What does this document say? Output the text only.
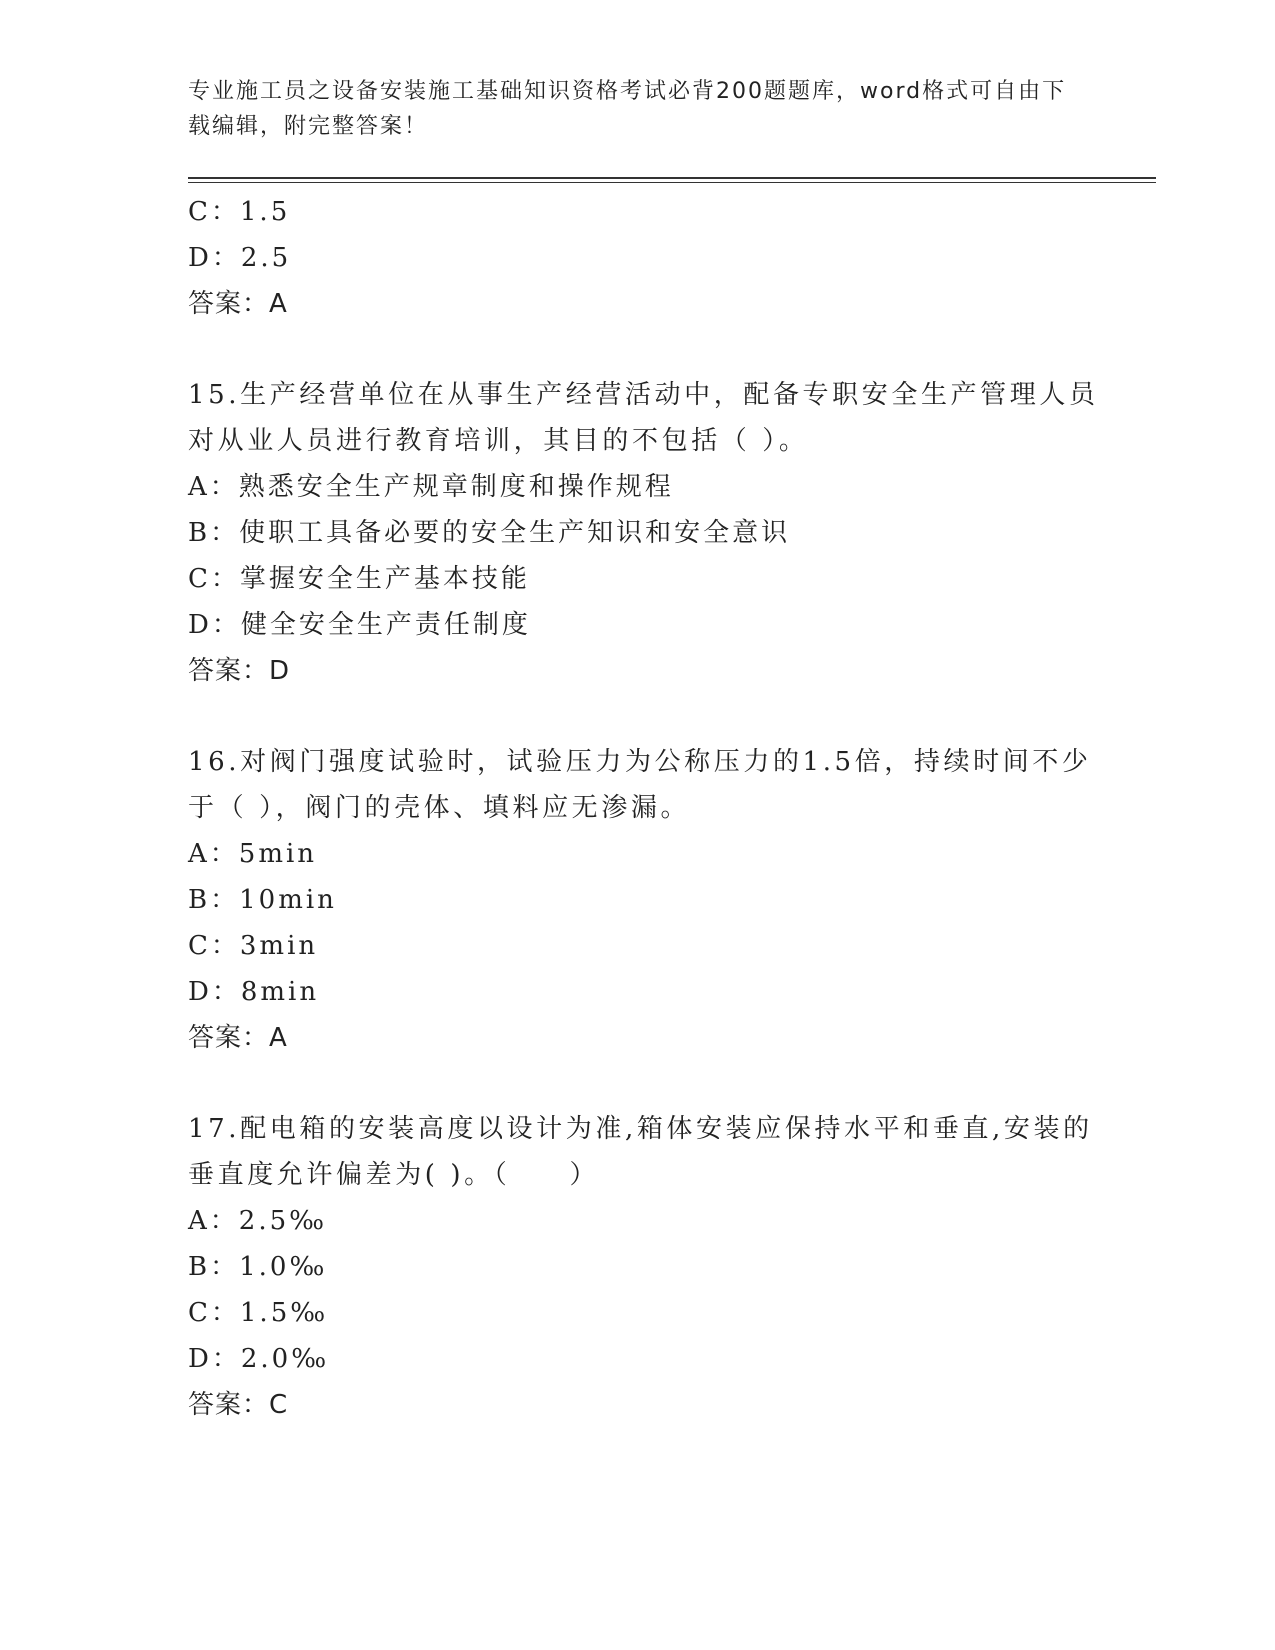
专业施工员之设备安装施工基础知识资格考试必背200题题库，word格式可自由下载编辑，附完整答案！
C：1.5
D：2.5
答案：A
15.生产经营单位在从事生产经营活动中，配备专职安全生产管理人员
对从业人员进行教育培训，其目的不包括（ ）。
A：熟悉安全生产规章制度和操作规程
B：使职工具备必要的安全生产知识和安全意识
C：掌握安全生产基本技能
D：健全安全生产责任制度
答案：D
16.对阀门强度试验时，试验压力为公称压力的1.5倍，持续时间不少
于（ ），阀门的壳体、填料应无渗漏。
A：5min
B：10min
C：3min
D：8min
答案：A
17.配电箱的安装高度以设计为准,箱体安装应保持水平和垂直,安装的
垂直度允许偏差为( )。（　　）
A：2.5‰
B：1.0‰
C：1.5‰
D：2.0‰
答案：C
